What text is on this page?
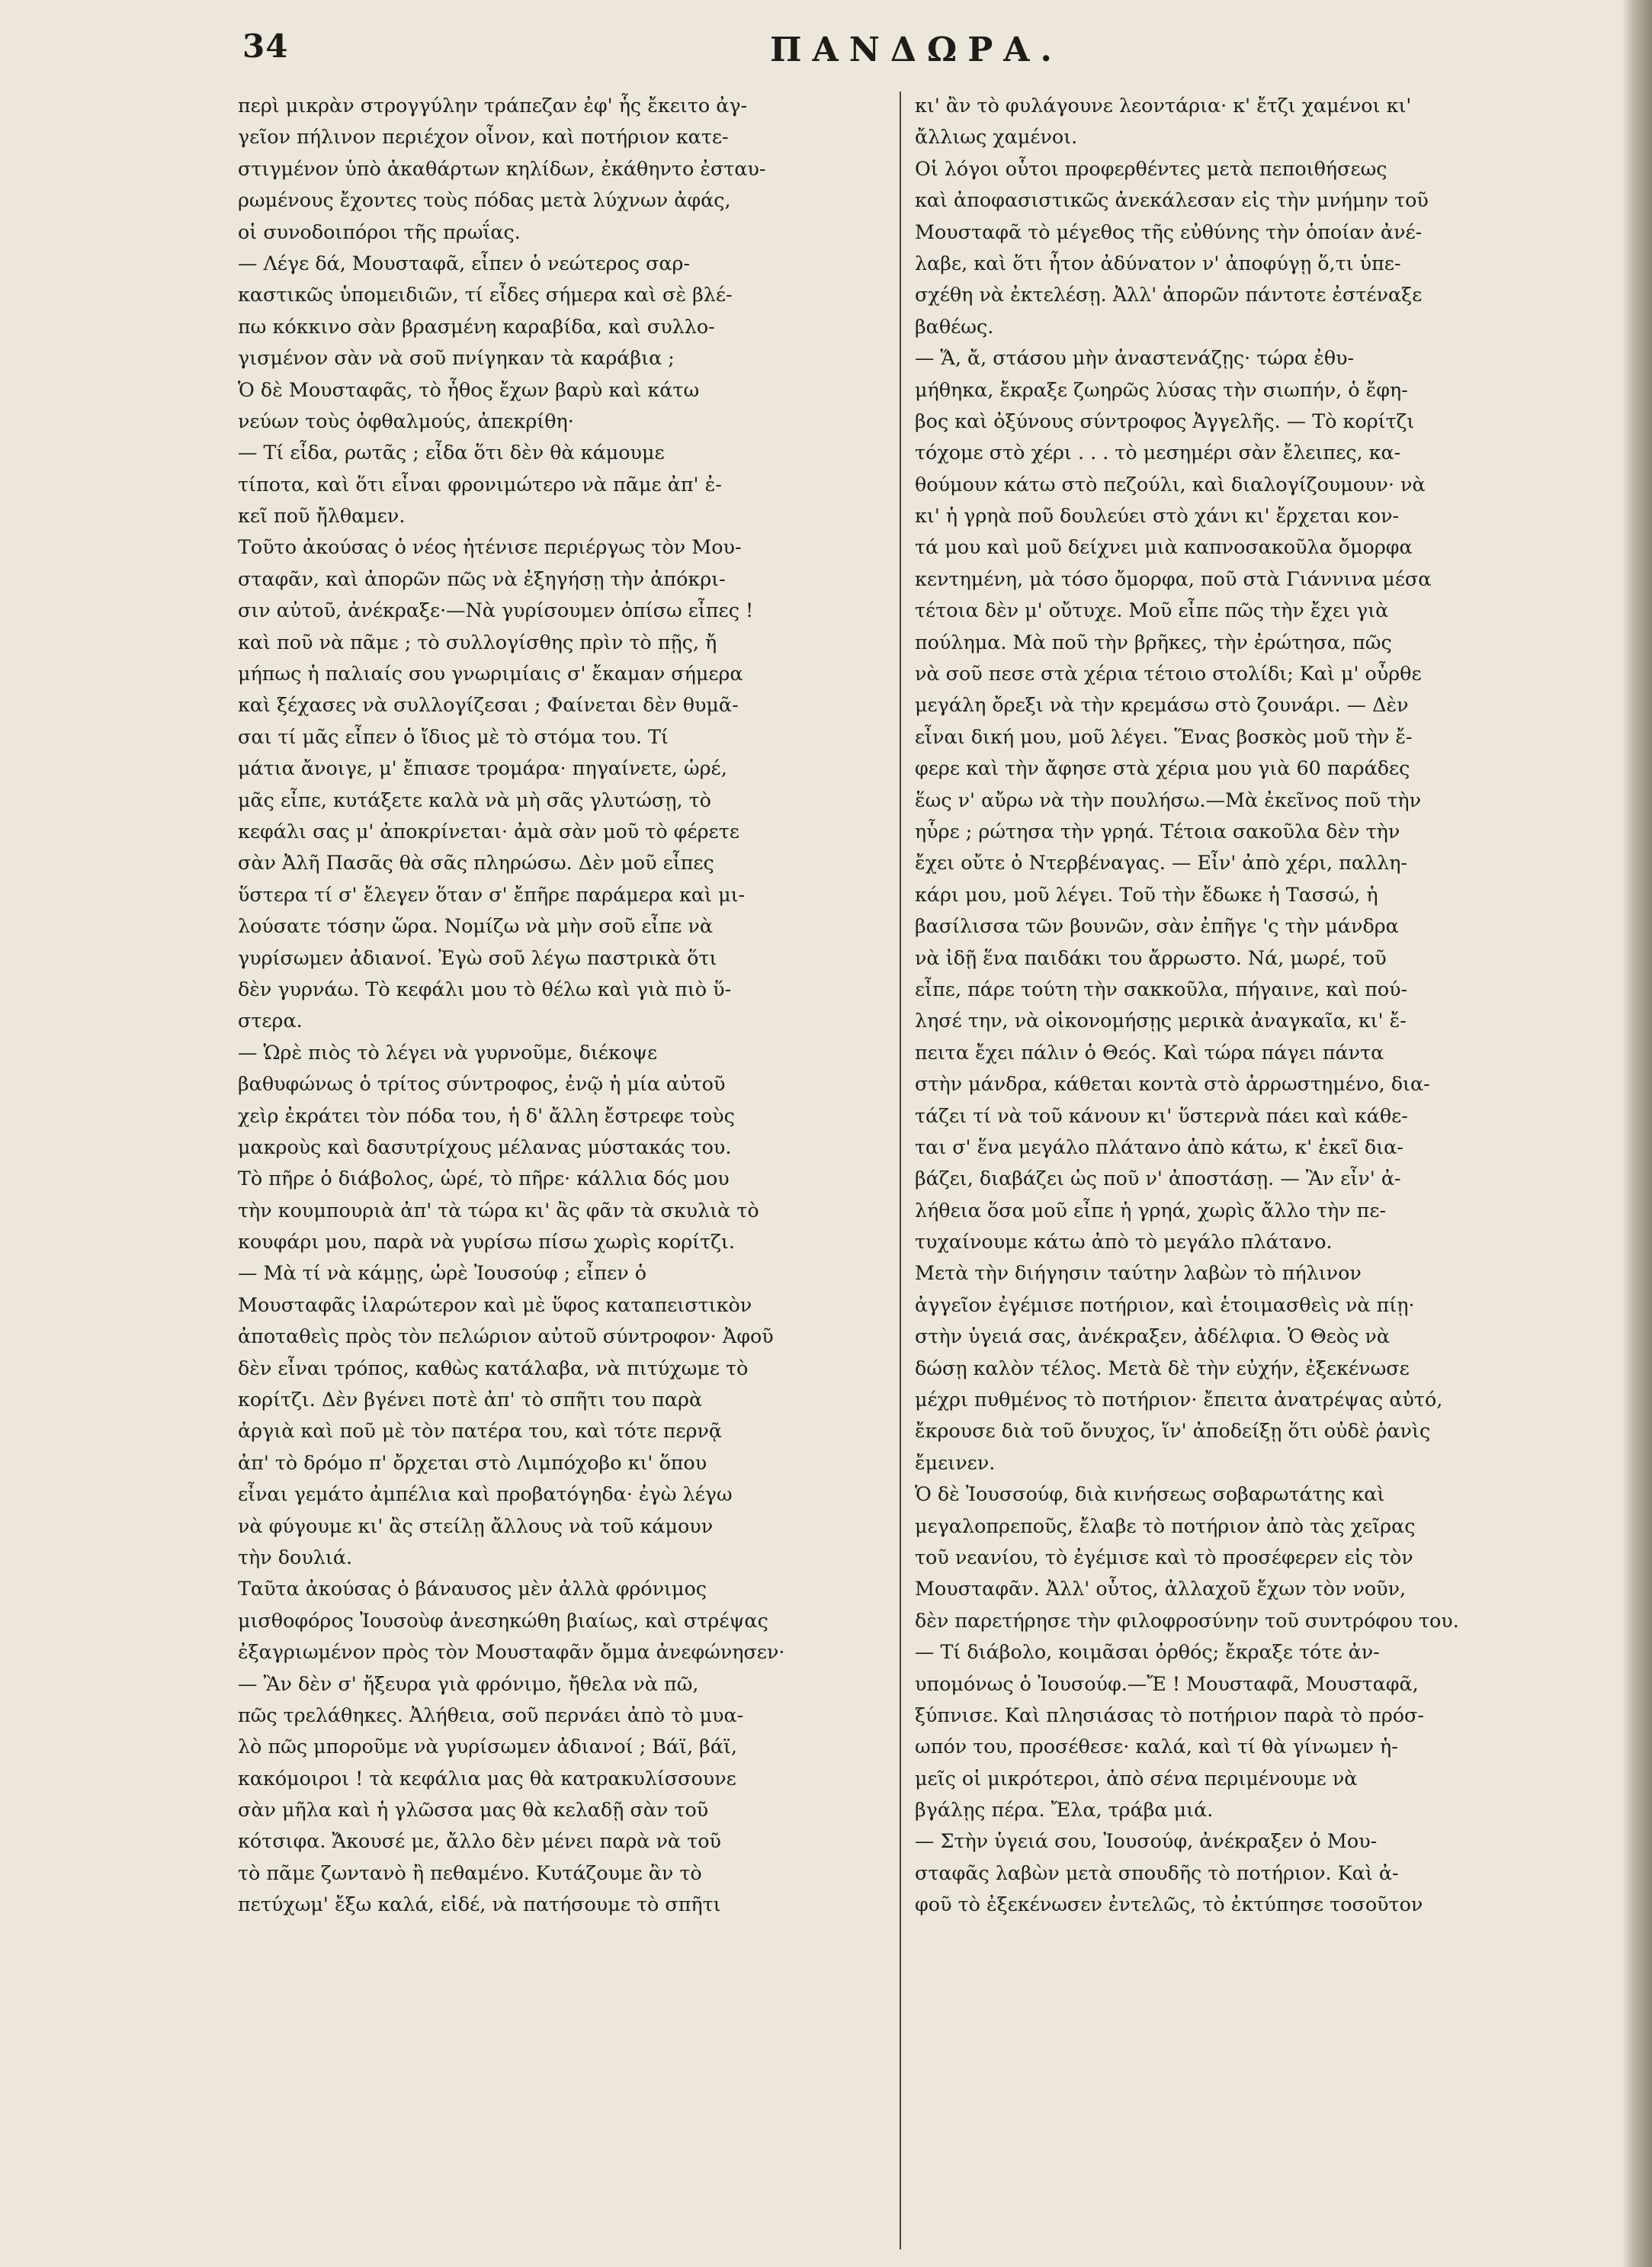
34	ΠΑΝΔΩΡΑ.
περὶ μικρὰν στρογγύλην τράπεζαν ἐφ' ἧς ἔκειτο ἀγ-
γεῖον πήλινον περιέχον οἶνον, καὶ ποτήριον κατε-
στιγμένον ὑπὸ ἀκαθάρτων κηλίδων, ἐκάθηντο ἐσταυ-
ρωμένους ἔχοντες τοὺς πόδας μετὰ λύχνων ἀφάς,
οἱ συνοδοιπόροι τῆς πρωΐας.
— Λέγε δά, Μουσταφᾶ, εἶπεν ὁ νεώτερος σαρ-
καστικῶς ὑπομειδιῶν, τί εἶδες σήμερα καὶ σὲ βλέ-
πω κόκκινο σὰν βρασμένη καραβίδα, καὶ συλλο-
γισμένον σὰν νὰ σοῦ πνίγηκαν τὰ καράβια ;
Ὁ δὲ Μουσταφᾶς, τὸ ἦθος ἔχων βαρὺ καὶ κάτω
νεύων τοὺς ὀφθαλμούς, ἀπεκρίθη·
— Τί εἶδα, ρωτᾶς ; εἶδα ὅτι δὲν θὰ κάμουμε
τίποτα, καὶ ὅτι εἶναι φρονιμώτερο νὰ πᾶμε ἀπ' ἐ-
κεῖ ποῦ ἤλθαμεν.
Τοῦτο ἀκούσας ὁ νέος ἠτένισε περιέργως τὸν Μου-
σταφᾶν, καὶ ἀπορῶν πῶς νὰ ἐξηγήσῃ τὴν ἀπόκρι-
σιν αὐτοῦ, ἀνέκραξε·—Νὰ γυρίσουμεν ὀπίσω εἶπες !
καὶ ποῦ νὰ πᾶμε ; τὸ συλλογίσθης πρὶν τὸ πῇς, ἤ
μήπως ἡ παλιαίς σου γνωριμίαις σ' ἔκαμαν σήμερα
καὶ ξέχασες νὰ συλλογίζεσαι ; Φαίνεται δὲν θυμᾶ-
σαι τί μᾶς εἶπεν ὁ ἴδιος μὲ τὸ στόμα του. Τί
μάτια ἄνοιγε, μ' ἔπιασε τρομάρα· πηγαίνετε, ὡρέ,
μᾶς εἶπε, κυτάξετε καλὰ νὰ μὴ σᾶς γλυτώσῃ, τὸ
κεφάλι σας μ' ἀποκρίνεται· ἀμὰ σὰν μοῦ τὸ φέρετε
σὰν Ἀλῆ Πασᾶς θὰ σᾶς πληρώσω. Δὲν μοῦ εἶπες
ὕστερα τί σ' ἔλεγεν ὅταν σ' ἔπῆρε παράμερα καὶ μι-
λούσατε τόσην ὥρα. Νομίζω νὰ μὴν σοῦ εἶπε νὰ
γυρίσωμεν ἀδιανοί. Ἐγὼ σοῦ λέγω παστρικὰ ὅτι
δὲν γυρνάω. Τὸ κεφάλι μου τὸ θέλω καὶ γιὰ πιὸ ὕ-
στερα.
— Ὡρὲ πιὸς τὸ λέγει νὰ γυρνοῦμε, διέκοψε
βαθυφώνως ὁ τρίτος σύντροφος, ἐνῷ ἡ μία αὐτοῦ
χεὶρ ἐκράτει τὸν πόδα του, ἡ δ' ἄλλη ἔστρεφε τοὺς
μακροὺς καὶ δασυτρίχους μέλανας μύστακάς του.
Τὸ πῆρε ὁ διάβολος, ὡρέ, τὸ πῆρε· κάλλια δός μου
τὴν κουμπουριὰ ἀπ' τὰ τώρα κι' ἂς φᾶν τὰ σκυλιὰ τὸ
κουφάρι μου, παρὰ νὰ γυρίσω πίσω χωρὶς κορίτζι.
— Μὰ τί νὰ κάμῃς, ὡρὲ Ἰουσούφ ; εἶπεν ὁ
Μουσταφᾶς ἱλαρώτερον καὶ μὲ ὕφος καταπειστικὸν
ἀποταθεὶς πρὸς τὸν πελώριον αὐτοῦ σύντροφον· Ἀφοῦ
δὲν εἶναι τρόπος, καθὼς κατάλαβα, νὰ πιτύχωμε τὸ
κορίτζι. Δὲν βγένει ποτὲ ἀπ' τὸ σπῆτι του παρὰ
ἀργιὰ καὶ ποῦ μὲ τὸν πατέρα του, καὶ τότε περνᾷ
ἀπ' τὸ δρόμο π' ὄρχεται στὸ Λιμπόχοβο κι' ὅπου
εἶναι γεμάτο ἀμπέλια καὶ προβατόγηδα· ἐγὼ λέγω
νὰ φύγουμε κι' ἂς στείλῃ ἄλλους νὰ τοῦ κάμουν
τὴν δουλιά.
Ταῦτα ἀκούσας ὁ βάναυσος μὲν ἀλλὰ φρόνιμος
μισθοφόρος Ἰουσοὺφ ἀνεσηκώθη βιαίως, καὶ στρέψας
ἐξαγριωμένον πρὸς τὸν Μουσταφᾶν ὄμμα ἀνεφώνησεν·
— Ἂν δὲν σ' ἤξευρα γιὰ φρόνιμο, ἤθελα νὰ πῶ,
πῶς τρελάθηκες. Ἀλήθεια, σοῦ περνάει ἀπὸ τὸ μυα-
λὸ πῶς μποροῦμε νὰ γυρίσωμεν ἀδιανοί ; Βάϊ, βάϊ,
κακόμοιροι ! τὰ κεφάλια μας θὰ κατρακυλίσσουνε
σὰν μῆλα καὶ ἡ γλῶσσα μας θὰ κελαδῇ σὰν τοῦ
κότσιφα. Ἄκουσέ με, ἄλλο δὲν μένει παρὰ νὰ τοῦ
τὸ πᾶμε ζωντανὸ ἢ πεθαμένο. Κυτάζουμε ἂν τὸ
πετύχωμ' ἔξω καλά, εἰδέ, νὰ πατήσουμε τὸ σπῆτι
κι' ἂν τὸ φυλάγουνε λεοντάρια· κ' ἔτζι χαμένοι κι'
ἄλλιως χαμένοι.
Οἱ λόγοι οὗτοι προφερθέντες μετὰ πεποιθήσεως
καὶ ἀποφασιστικῶς ἀνεκάλεσαν εἰς τὴν μνήμην τοῦ
Μουσταφᾶ τὸ μέγεθος τῆς εὐθύνης τὴν ὁποίαν ἀνέ-
λαβε, καὶ ὅτι ἦτον ἀδύνατον ν' ἀποφύγῃ ὅ,τι ὑπε-
σχέθη νὰ ἐκτελέσῃ. Ἀλλ' ἀπορῶν πάντοτε ἐστέναξε
βαθέως.
— Ἅ, ἄ, στάσου μὴν ἀναστενάζῃς· τώρα ἐθυ-
μήθηκα, ἔκραξε ζωηρῶς λύσας τὴν σιωπήν, ὁ ἔφη-
βος καὶ ὀξύνους σύντροφος Ἀγγελῆς. — Τὸ κορίτζι
τόχομε στὸ χέρι . . . τὸ μεσημέρι σὰν ἔλειπες, κα-
θούμουν κάτω στὸ πεζούλι, καὶ διαλογίζουμουν· νὰ
κι' ἡ γρηὰ ποῦ δουλεύει στὸ χάνι κι' ἔρχεται κον-
τά μου καὶ μοῦ δείχνει μιὰ καπνοσακοῦλα ὄμορφα
κεντημένη, μὰ τόσο ὄμορφα, ποῦ στὰ Γιάννινα μέσα
τέτοια δὲν μ' οὔτυχε. Μοῦ εἶπε πῶς τὴν ἔχει γιὰ
πούλημα. Μὰ ποῦ τὴν βρῆκες, τὴν ἐρώτησα, πῶς
νὰ σοῦ πεσε στὰ χέρια τέτοιο στολίδι; Καὶ μ' οὖρθε
μεγάλη ὄρεξι νὰ τὴν κρεμάσω στὸ ζουνάρι. — Δὲν
εἶναι δική μου, μοῦ λέγει. Ἕνας βοσκὸς μοῦ τὴν ἔ-
φερε καὶ τὴν ἄφησε στὰ χέρια μου γιὰ 60 παράδες
ἕως ν' αὔρω νὰ τὴν πουλήσω.—Μὰ ἐκεῖνος ποῦ τὴν
ηὗρε ; ρώτησα τὴν γρηά. Τέτοια σακοῦλα δὲν τὴν
ἔχει οὔτε ὁ Ντερβέναγας. — Εἶν' ἀπὸ χέρι, παλλη-
κάρι μου, μοῦ λέγει. Τοῦ τὴν ἔδωκε ἡ Τασσώ, ἡ
βασίλισσα τῶν βουνῶν, σὰν ἐπῆγε 'ς τὴν μάνδρα
νὰ ἰδῇ ἕνα παιδάκι του ἄρρωστο. Νά, μωρέ, τοῦ
εἶπε, πάρε τούτη τὴν σακκοῦλα, πήγαινε, καὶ πού-
λησέ την, νὰ οἰκονομήσῃς μερικὰ ἀναγκαῖα, κι' ἔ-
πειτα ἔχει πάλιν ὁ Θεός. Καὶ τώρα πάγει πάντα
στὴν μάνδρα, κάθεται κοντὰ στὸ ἀρρωστημένο, δια-
τάζει τί νὰ τοῦ κάνουν κι' ὕστερνὰ πάει καὶ κάθε-
ται σ' ἕνα μεγάλο πλάτανο ἀπὸ κάτω, κ' ἐκεῖ δια-
βάζει, διαβάζει ὡς ποῦ ν' ἀποστάσῃ. — Ἂν εἶν' ἀ-
λήθεια ὅσα μοῦ εἶπε ἡ γρηά, χωρὶς ἄλλο τὴν πε-
τυχαίνουμε κάτω ἀπὸ τὸ μεγάλο πλάτανο.
Μετὰ τὴν διήγησιν ταύτην λαβὼν τὸ πήλινον
ἀγγεῖον ἐγέμισε ποτήριον, καὶ ἑτοιμασθεὶς νὰ πίῃ·
στὴν ὑγειά σας, ἀνέκραξεν, ἀδέλφια. Ὁ Θεὸς νὰ
δώσῃ καλὸν τέλος. Μετὰ δὲ τὴν εὐχήν, ἐξεκένωσε
μέχρι πυθμένος τὸ ποτήριον· ἔπειτα ἀνατρέψας αὐτό,
ἔκρουσε διὰ τοῦ ὄνυχος, ἵν' ἀποδείξῃ ὅτι οὐδὲ ῥανὶς
ἔμεινεν.
Ὁ δὲ Ἰουσσούφ, διὰ κινήσεως σοβαρωτάτης καὶ
μεγαλοπρεποῦς, ἔλαβε τὸ ποτήριον ἀπὸ τὰς χεῖρας
τοῦ νεανίου, τὸ ἐγέμισε καὶ τὸ προσέφερεν εἰς τὸν
Μουσταφᾶν. Ἀλλ' οὗτος, ἀλλαχοῦ ἔχων τὸν νοῦν,
δὲν παρετήρησε τὴν φιλοφροσύνην τοῦ συντρόφου του.
— Τί διάβολο, κοιμᾶσαι ὀρθός; ἔκραξε τότε ἀν-
υπομόνως ὁ Ἰουσούφ.—Ἔ ! Μουσταφᾶ, Μουσταφᾶ,
ξύπνισε. Καὶ πλησιάσας τὸ ποτήριον παρὰ τὸ πρόσ-
ωπόν του, προσέθεσε· καλά, καὶ τί θὰ γίνωμεν ἡ-
μεῖς οἱ μικρότεροι, ἀπὸ σένα περιμένουμε νὰ
βγάλῃς πέρα. Ἔλα, τράβα μιά.
— Στὴν ὑγειά σου, Ἰουσούφ, ἀνέκραξεν ὁ Μου-
σταφᾶς λαβὼν μετὰ σπουδῆς τὸ ποτήριον. Καὶ ἀ-
φοῦ τὸ ἐξεκένωσεν ἐντελῶς, τὸ ἐκτύπησε τοσοῦτον
